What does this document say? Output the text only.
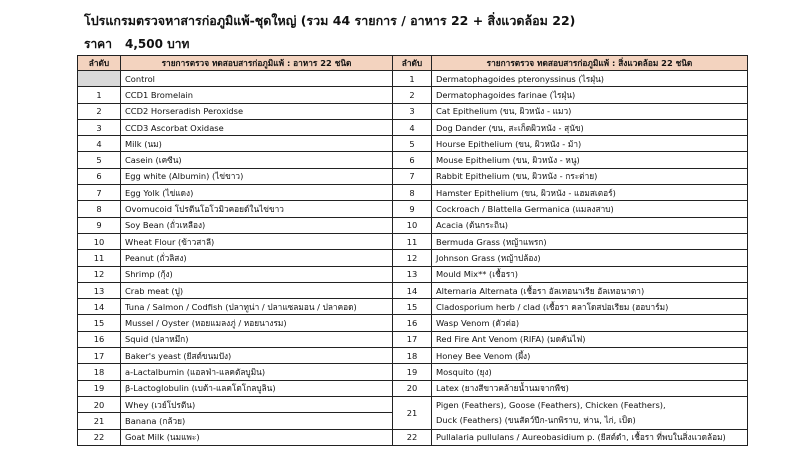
โปรแกรมตรวจหาสารก่อภูมิแพ้-ชุดใหญ่ (รวม 44 รายการ / อาหาร 22 + สิ่งแวดล้อม 22)
ราคา 4,500 บาท
ลำดับ	รายการตรวจ ทดสอบสารก่อภูมิแพ้ : อาหาร 22 ชนิด	ลำดับ	รายการตรวจ ทดสอบสารก่อภูมิแพ้ : สิ่งแวดล้อม 22 ชนิด
	Control	1	Dermatophagoides pteronyssinus (ไรฝุ่น)
1	CCD1 Bromelain	2	Dermatophagoides farinae (ไรฝุ่น)
2	CCD2 Horseradish Peroxidse	3	Cat Epithelium (ขน, ผิวหนัง - แมว)
3	CCD3 Ascorbat Oxidase	4	Dog Dander (ขน, สะเก็ดผิวหนัง - สุนัข)
4	Milk (นม)	5	Hourse Epithelium (ขน, ผิวหนัง - ม้า)
5	Casein (เคซีน)	6	Mouse Epithelium (ขน, ผิวหนัง - หนู)
6	Egg white (Albumin) (ไข่ขาว)	7	Rabbit Epithelium (ขน, ผิวหนัง - กระต่าย)
7	Egg Yolk (ไข่แดง)	8	Hamster Epithelium (ขน, ผิวหนัง - แฮมสเตอร์)
8	Ovomucoid โปรตีนโอโวมิวคอยด์ในไข่ขาว	9	Cockroach / Blattella Germanica (แมลงสาบ)
9	Soy Bean (ถั่วเหลือง)	10	Acacia (ต้นกระถิน)
10	Wheat Flour (ข้าวสาลี)	11	Bermuda Grass (หญ้าแพรก)
11	Peanut (ถั่วลิสง)	12	Johnson Grass (หญ้าปล้อง)
12	Shrimp (กุ้ง)	13	Mould Mix** (เชื้อรา)
13	Crab meat (ปู)	14	Alternaria Alternata (เชื้อรา อัลเทอนาเรีย อัลเทอนาตา)
14	Tuna / Salmon / Codfish (ปลาทูน่า / ปลาแซลมอน / ปลาคอด)	15	Cladosporium herb / clad (เชื้อรา คลาโดสปอเรียม (ฮอบาร์ม)
15	Mussel / Oyster (หอยแมลงภู่ / หอยนางรม)	16	Wasp Venom (ตัวต่อ)
16	Squid (ปลาหมึก)	17	Red Fire Ant Venom (RIFA) (มดคันไฟ)
17	Baker's yeast (ยีสต์ขนมปัง)	18	Honey Bee Venom (ผึ้ง)
18	a-Lactalbumin (แอลฟ่า-แลคตัลบูมิน)	19	Mosquito (ยุง)
19	β-Lactoglobulin (เบต้า-แลคโตโกลบูลิน)	20	Latex (ยางสีขาวคล้ายน้ำนมจากพืช)
20	Whey (เวย์โปรตีน)	21	Pigen (Feathers), Goose (Feathers), Chicken (Feathers),
Duck (Feathers) (ขนสัตว์ปีก-นกพิราบ, ห่าน, ไก่, เป็ด)

21	Banana (กล้วย)		
22	Goat Milk (นมแพะ)	22	Pullalaria pullulans / Aureobasidium p. (ยีสต์ดำ, เชื้อรา ที่พบในสิ่งแวดล้อม)
